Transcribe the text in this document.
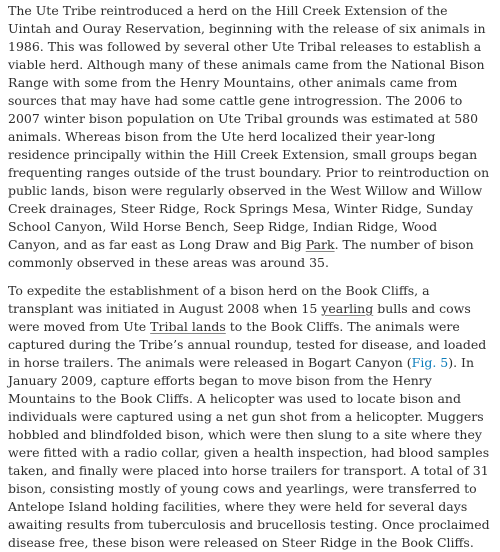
The Ute Tribe reintroduced a herd on the Hill Creek Extension of the Uintah and Ouray Reservation, beginning with the release of six animals in 1986. This was followed by several other Ute Tribal releases to establish a viable herd. Although many of these animals came from the National Bison Range with some from the Henry Mountains, other animals came from sources that may have had some cattle gene introgression. The 2006 to 2007 winter bison population on Ute Tribal grounds was estimated at 580 animals. Whereas bison from the Ute herd localized their year-long residence principally within the Hill Creek Extension, small groups began frequenting ranges outside of the trust boundary. Prior to reintroduction on public lands, bison were regularly observed in the West Willow and Willow Creek drainages, Steer Ridge, Rock Springs Mesa, Winter Ridge, Sunday School Canyon, Wild Horse Bench, Seep Ridge, Indian Ridge, Wood Canyon, and as far east as Long Draw and Big Park. The number of bison commonly observed in these areas was around 35.

To expedite the establishment of a bison herd on the Book Cliffs, a transplant was initiated in August 2008 when 15 yearling bulls and cows were moved from Ute Tribal lands to the Book Cliffs. The animals were captured during the Tribe’s annual roundup, tested for disease, and loaded in horse trailers. The animals were released in Bogart Canyon (Fig. 5). In January 2009, capture efforts began to move bison from the Henry Mountains to the Book Cliffs. A helicopter was used to locate bison and individuals were captured using a net gun shot from a helicopter. Muggers hobbled and blindfolded bison, which were then slung to a site where they were fitted with a radio collar, given a health inspection, had blood samples taken, and finally were placed into horse trailers for transport. A total of 31 bison, consisting mostly of young cows and yearlings, were transferred to Antelope Island holding facilities, where they were held for several days awaiting results from tuberculosis and brucellosis testing. Once proclaimed disease free, these bison were released on Steer Ridge in the Book Cliffs.
